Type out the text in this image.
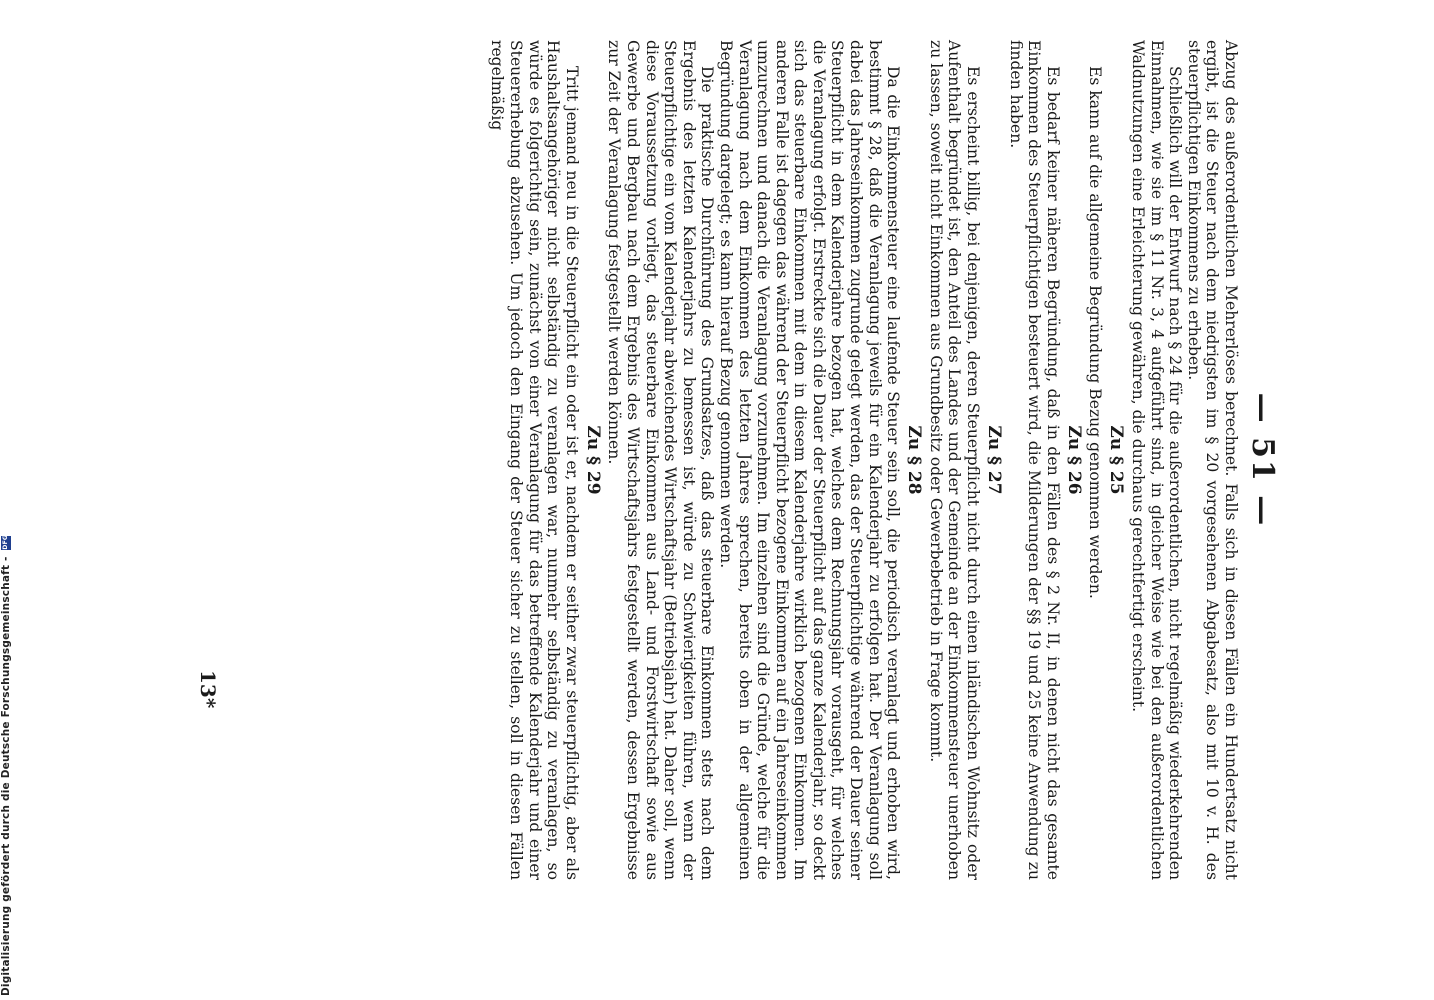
— 51 —

Abzug des außerordentlichen Mehrerlöses berechnet. Falls sich in diesen Fällen ein Hundertsatz nicht ergibt, ist die Steuer nach dem niedrigsten im § 20 vorgesehenen Abgabesatz, also mit 10 v. H. des steuerpflichtigen Einkommens zu erheben.

Schließlich will der Entwurf nach § 24 für die außerordentlichen, nicht regelmäßig wiederkehrenden Einnahmen, wie sie im § 11 Nr. 3, 4 aufgeführt sind, in gleicher Weise wie bei den außerordentlichen Waldnutzungen eine Erleichterung gewähren, die durchaus gerechtfertigt erscheint.

Zu § 25

Es kann auf die allgemeine Begründung Bezug genommen werden.

Zu § 26

Es bedarf keiner näheren Begründung, daß in den Fällen des § 2 Nr. II, in denen nicht das gesamte Einkommen des Steuerpflichtigen besteuert wird, die Milderungen der §§ 19 und 25 keine Anwendung zu finden haben.

Zu § 27

Es erscheint billig, bei denjenigen, deren Steuerpflicht nicht durch einen inländischen Wohnsitz oder Aufenthalt begründet ist, den Anteil des Landes und der Gemeinde an der Einkommensteuer unerhoben zu lassen, soweit nicht Einkommen aus Grundbesitz oder Gewerbebetrieb in Frage kommt.

Zu § 28

Da die Einkommensteuer eine laufende Steuer sein soll, die periodisch veranlagt und erhoben wird, bestimmt § 28, daß die Veranlagung jeweils für ein Kalenderjahr zu erfolgen hat. Der Veranlagung soll dabei das Jahreseinkommen zugrunde gelegt werden, das der Steuerpflichtige während der Dauer seiner Steuerpflicht in dem Kalenderjahre bezogen hat, welches dem Rechnungsjahr vorausgeht, für welches die Veranlagung erfolgt. Erstreckte sich die Dauer der Steuerpflicht auf das ganze Kalenderjahr, so deckt sich das steuerbare Einkommen mit dem in diesem Kalenderjahre wirklich bezogenen Einkommen. Im anderen Falle ist dagegen das während der Steuerpflicht bezogene Einkommen auf ein Jahreseinkommen umzurechnen und danach die Veranlagung vorzunehmen. Im einzelnen sind die Gründe, welche für die Veranlagung nach dem Einkommen des letzten Jahres sprechen, bereits oben in der allgemeinen Begründung dargelegt; es kann hierauf Bezug genommen werden.

Die praktische Durchführung des Grundsatzes, daß das steuerbare Einkommen stets nach dem Ergebnis des letzten Kalenderjahrs zu bemessen ist, würde zu Schwierigkeiten führen, wenn der Steuerpflichtige ein vom Kalenderjahr abweichendes Wirtschaftsjahr (Betriebsjahr) hat. Daher soll, wenn diese Voraussetzung vorliegt, das steuerbare Einkommen aus Land- und Forstwirtschaft sowie aus Gewerbe und Bergbau nach dem Ergebnis des Wirtschaftsjahrs festgestellt werden, dessen Ergebnisse zur Zeit der Veranlagung festgestellt werden können.

Zu § 29

Tritt jemand neu in die Steuerpflicht ein oder ist er, nachdem er seither zwar steuerpflichtig, aber als Haushaltsangehöriger nicht selbständig zu veranlagen war, nunmehr selbständig zu veranlagen, so würde es folgerichtig sein, zunächst von einer Veranlagung für das betreffende Kalenderjahr und einer Steuererhebung abzusehen. Um jedoch den Eingang der Steuer sicher zu stellen, soll in diesen Fällen regelmäßig

13*
Digitalisierung gefördert durch die Deutsche Forschungsgemeinschaft - DFG
